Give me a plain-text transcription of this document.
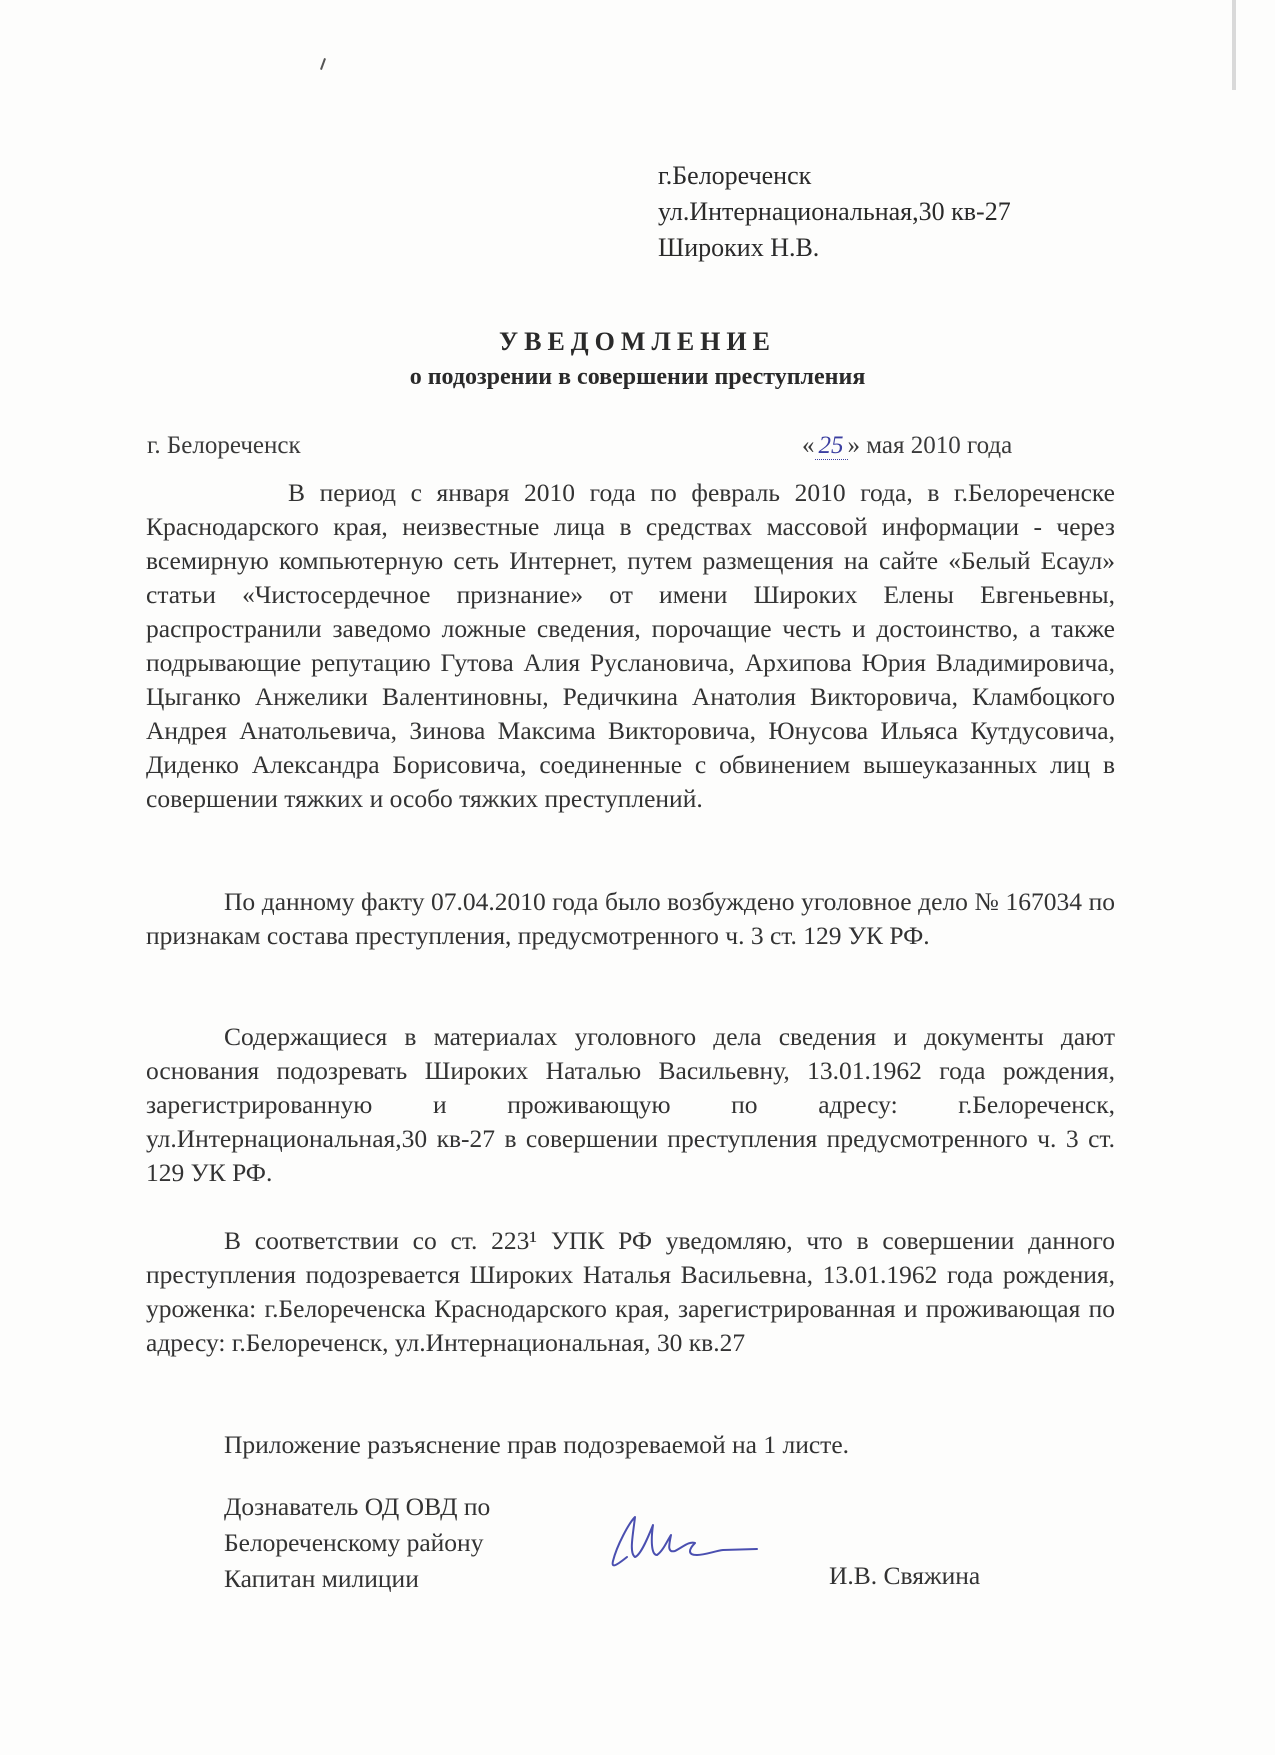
г.Белореченск
ул.Интернациональная,30 кв-27
Широких Н.В.
УВЕДОМЛЕНИЕ
о подозрении в совершении преступления
г. Белореченск	« 25 » мая 2010 года
В период с января 2010 года по февраль 2010 года, в г.Белореченске Краснодарского края, неизвестные лица в средствах массовой информации - через всемирную компьютерную сеть Интернет, путем размещения на сайте «Белый Есаул» статьи «Чистосердечное признание» от имени Широких Елены Евгеньевны, распространили заведомо ложные сведения, порочащие честь и достоинство, а также подрывающие репутацию Гутова Алия Руслановича, Архипова Юрия Владимировича, Цыганко Анжелики Валентиновны, Редичкина Анатолия Викторовича, Кламбоцкого Андрея Анатольевича, Зинова Максима Викторовича, Юнусова Ильяса Кутдусовича, Диденко Александра Борисовича, соединенные с обвинением вышеуказанных лиц в совершении тяжких и особо тяжких преступлений.
По данному факту 07.04.2010 года было возбуждено уголовное дело № 167034 по признакам состава преступления, предусмотренного ч. 3 ст. 129 УК РФ.
Содержащиеся в материалах уголовного дела сведения и документы дают основания подозревать Широких Наталью Васильевну, 13.01.1962 года рождения, зарегистрированную и проживающую по адресу: г.Белореченск, ул.Интернациональная,30 кв-27 в совершении преступления предусмотренного ч. 3 ст. 129 УК РФ.
В соответствии со ст. 223¹ УПК РФ уведомляю, что в совершении данного преступления подозревается Широких Наталья Васильевна, 13.01.1962 года рождения, уроженка: г.Белореченска Краснодарского края, зарегистрированная и проживающая по адресу: г.Белореченск, ул.Интернациональная, 30 кв.27
Приложение разъяснение прав подозреваемой на 1 листе.
Дознаватель ОД ОВД по
Белореченскому району
Капитан милиции	И.В. Свяжина
